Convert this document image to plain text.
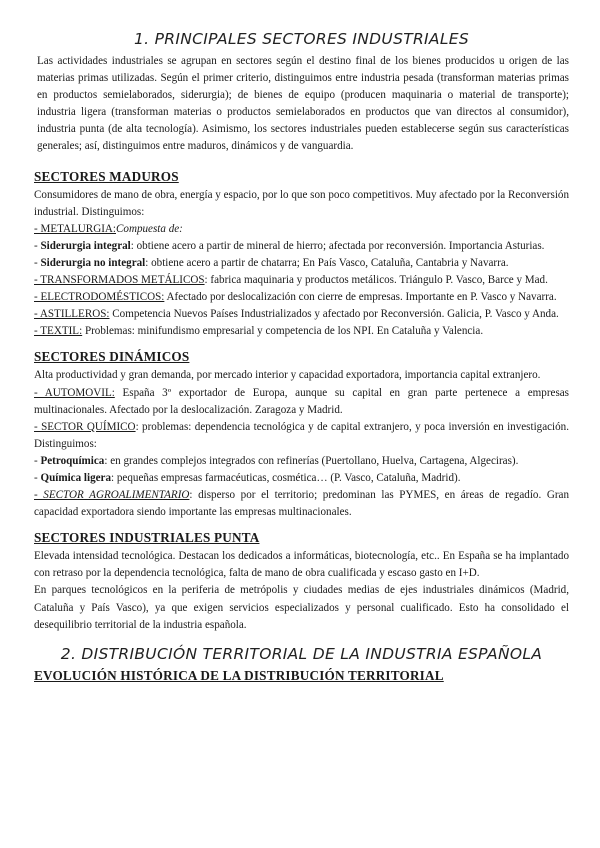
1. PRINCIPALES SECTORES INDUSTRIALES

Las actividades industriales se agrupan en sectores según el destino final de los bienes producidos u origen de las materias primas utilizadas. Según el primer criterio, distinguimos entre industria pesada (transforman materias primas en productos semielaborados, siderurgia); de bienes de equipo (producen maquinaria o material de transporte); industria ligera (transforman materias o productos semielaborados en productos que van directos al consumidor), industria punta (de alta tecnología). Asimismo, los sectores industriales pueden establecerse según sus características generales; así, distinguimos entre maduros, dinámicos y de vanguardia.

SECTORES MADUROS

Consumidores de mano de obra, energía y espacio, por lo que son poco competitivos. Muy afectado por la Reconversión industrial. Distinguimos:

- METALURGIA:Compuesta de:

- Siderurgia integral: obtiene acero a partir de mineral de hierro; afectada por reconversión. Importancia Asturias.

- Siderurgia no integral: obtiene acero a partir de chatarra; En País Vasco, Cataluña, Cantabria y Navarra.

- TRANSFORMADOS METÁLICOS: fabrica maquinaria y productos metálicos. Triángulo P. Vasco, Barce y Mad.

- ELECTRODOMÉSTICOS: Afectado por deslocalización con cierre de empresas. Importante en P. Vasco y Navarra.

- ASTILLEROS: Competencia Nuevos Países Industrializados y afectado por Reconversión. Galicia, P. Vasco y Anda.

- TEXTIL: Problemas: minifundismo empresarial y competencia de los NPI. En Cataluña y Valencia.

SECTORES DINÁMICOS

Alta productividad y gran demanda, por mercado interior y capacidad exportadora, importancia capital extranjero.

- AUTOMOVIL: España 3º exportador de Europa, aunque su capital en gran parte pertenece a empresas multinacionales. Afectado por la deslocalización. Zaragoza y Madrid.

- SECTOR QUÍMICO: problemas: dependencia tecnológica y de capital extranjero, y poca inversión en investigación. Distinguimos:

- Petroquímica: en grandes complejos integrados con refinerías (Puertollano, Huelva, Cartagena, Algeciras).

- Química ligera: pequeñas empresas farmacéuticas, cosmética… (P. Vasco, Cataluña, Madrid).

- SECTOR AGROALIMENTARIO: disperso por el territorio; predominan las PYMES, en áreas de regadío. Gran capacidad exportadora siendo importante las empresas multinacionales.

SECTORES INDUSTRIALES PUNTA

Elevada intensidad tecnológica. Destacan los dedicados a informáticas, biotecnología, etc.. En España se ha implantado con retraso por la dependencia tecnológica, falta de mano de obra cualificada y escaso gasto en I+D.

En parques tecnológicos en la periferia de metrópolis y ciudades medias de ejes industriales dinámicos (Madrid, Cataluña y País Vasco), ya que exigen servicios especializados y personal cualificado. Esto ha consolidado el desequilibrio territorial de la industria española.

2. DISTRIBUCIÓN TERRITORIAL DE LA INDUSTRIA ESPAÑOLA
EVOLUCIÓN HISTÓRICA DE LA DISTRIBUCIÓN TERRITORIAL
